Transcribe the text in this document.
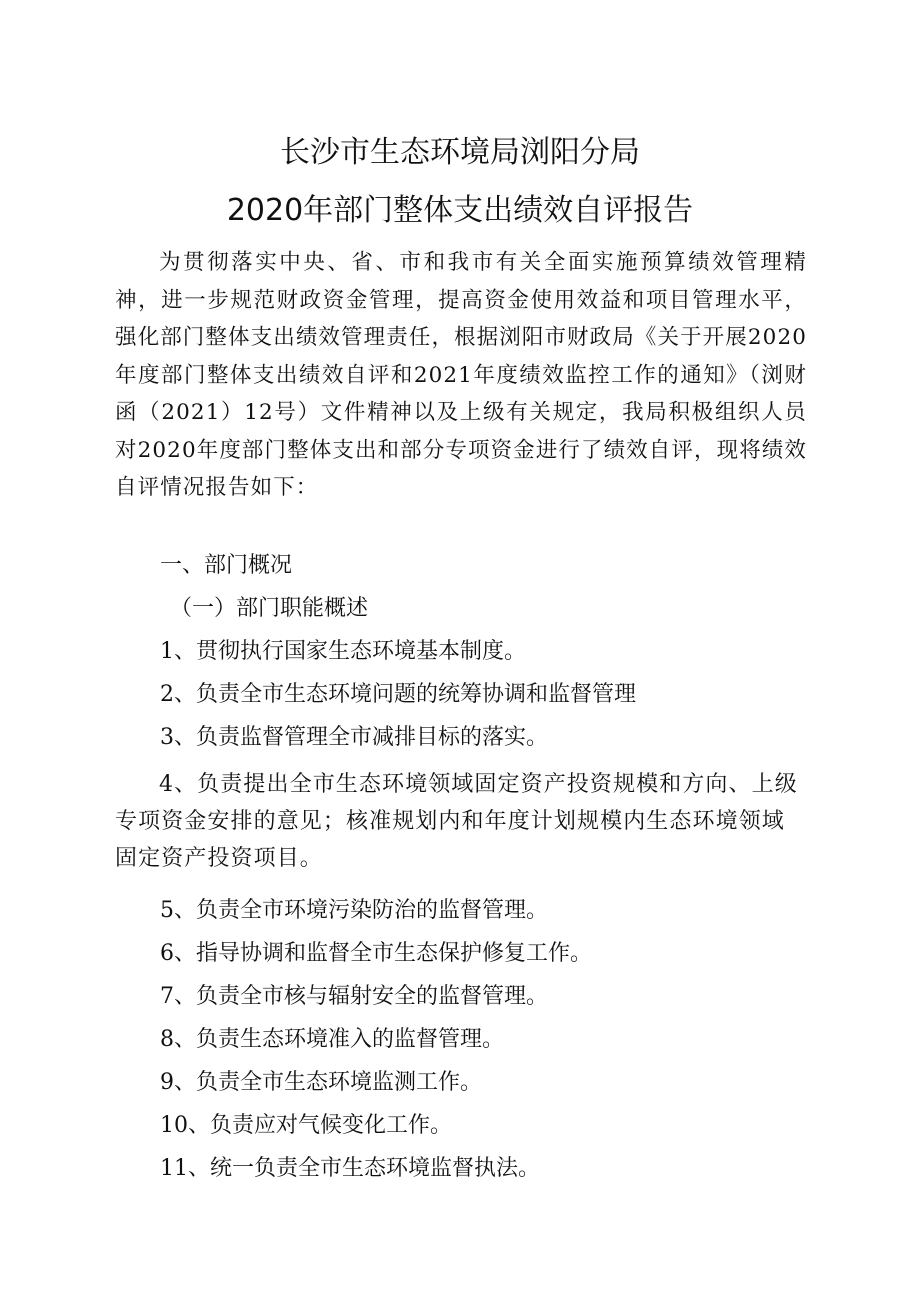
长沙市生态环境局浏阳分局
2020年部门整体支出绩效自评报告
为贯彻落实中央、省、市和我市有关全面实施预算绩效管理精神，进一步规范财政资金管理，提高资金使用效益和项目管理水平，强化部门整体支出绩效管理责任，根据浏阳市财政局《关于开展2020年度部门整体支出绩效自评和2021年度绩效监控工作的通知》（浏财函（2021）12号）文件精神以及上级有关规定，我局积极组织人员对2020年度部门整体支出和部分专项资金进行了绩效自评，现将绩效自评情况报告如下：
一、部门概况
（一）部门职能概述
1、贯彻执行国家生态环境基本制度。
2、负责全市生态环境问题的统筹协调和监督管理
3、负责监督管理全市减排目标的落实。
4、负责提出全市生态环境领域固定资产投资规模和方向、上级专项资金安排的意见；核准规划内和年度计划规模内生态环境领域固定资产投资项目。
5、负责全市环境污染防治的监督管理。
6、指导协调和监督全市生态保护修复工作。
7、负责全市核与辐射安全的监督管理。
8、负责生态环境准入的监督管理。
9、负责全市生态环境监测工作。
10、负责应对气候变化工作。
11、统一负责全市生态环境监督执法。
